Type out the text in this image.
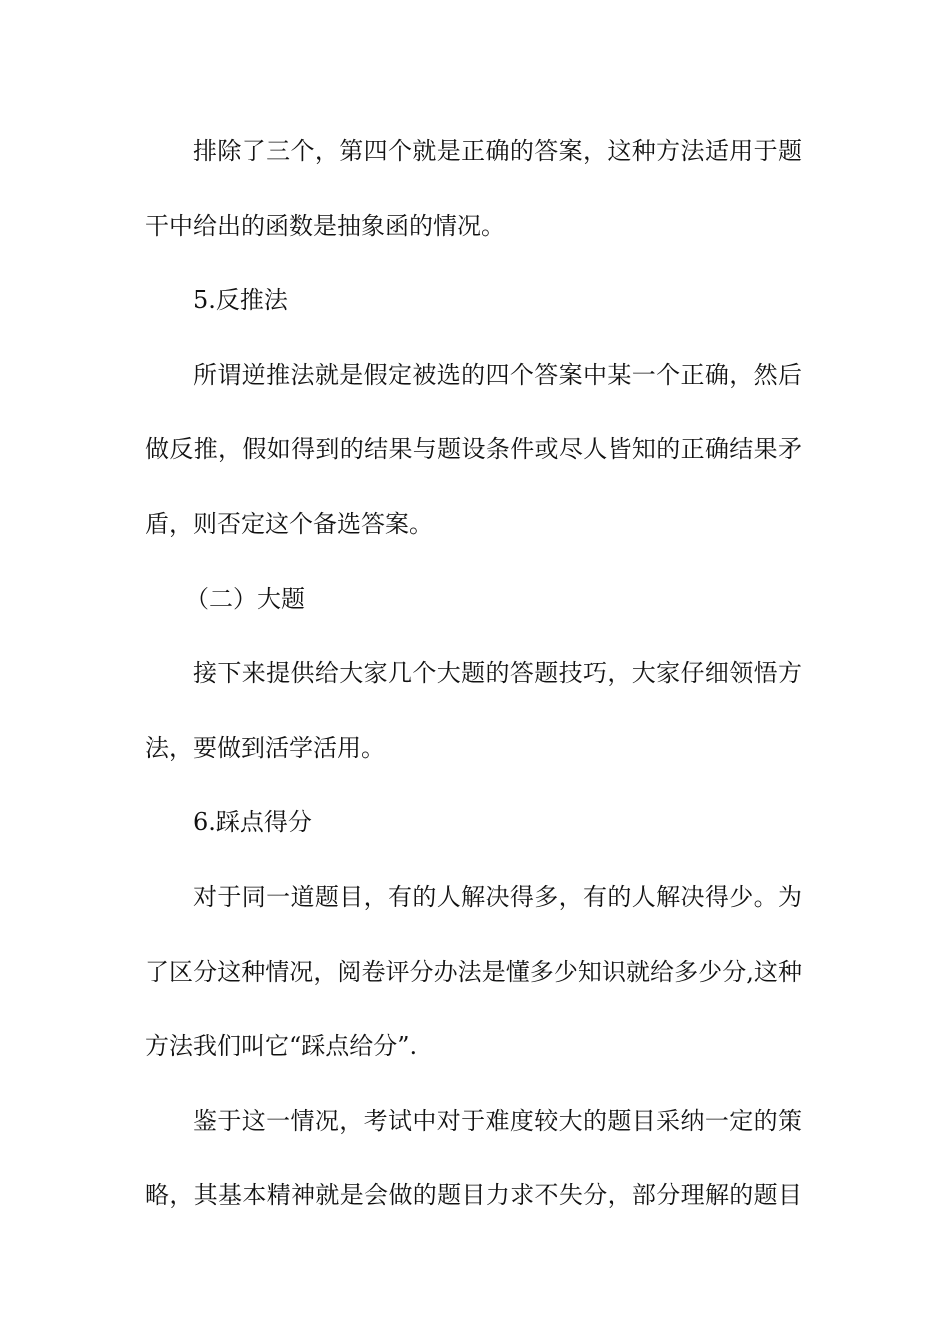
排除了三个，第四个就是正确的答案，这种方法适用于题

干中给出的函数是抽象函的情况。

5.反推法

所谓逆推法就是假定被选的四个答案中某一个正确，然后

做反推，假如得到的结果与题设条件或尽人皆知的正确结果矛

盾，则否定这个备选答案。

（二）大题

接下来提供给大家几个大题的答题技巧，大家仔细领悟方

法，要做到活学活用。

6.踩点得分

对于同一道题目，有的人解决得多，有的人解决得少。为

了区分这种情况，阅卷评分办法是懂多少知识就给多少分,这种

方法我们叫它“踩点给分”.

鉴于这一情况，考试中对于难度较大的题目采纳一定的策

略，其基本精神就是会做的题目力求不失分，部分理解的题目
